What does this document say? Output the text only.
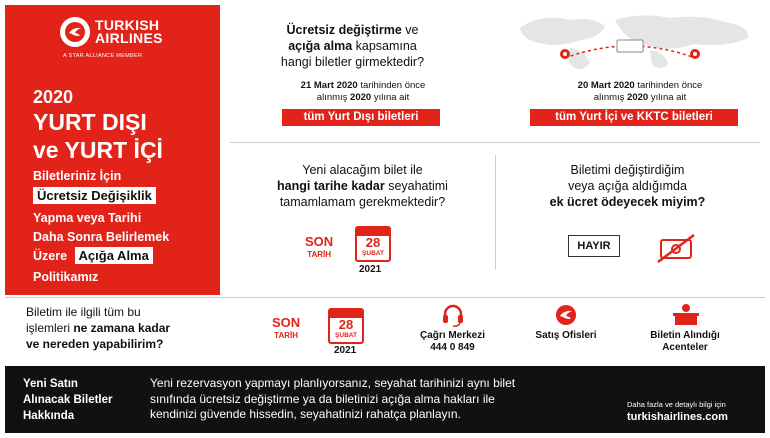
TURKISH
AIRLINES
A STAR ALLIANCE MEMBER
2020
YURT DIŞI
ve YURT İÇİ
Biletleriniz İçin
Ücretsiz Değişiklik
Yapma veya Tarihi
Daha Sonra Belirlemek
Üzere Açığa Alma
Politikamız
Ücretsiz değiştirme ve
açığa alma kapsamına
hangi biletler girmektedir?
21 Mart 2020 tarihinden önce
alınmış 2020 yılına ait
tüm Yurt Dışı biletleri
20 Mart 2020 tarihinden önce
alınmış 2020 yılına ait
tüm Yurt İçi ve KKTC biletleri
Yeni alacağım bilet ile
hangi tarihe kadar seyahatimi
tamamlamam gerekmektedir?
SON
TARİH
28
ŞUBAT
2021
Biletimi değiştirdiğim
veya açığa aldığımda
ek ücret ödeyecek miyim?
HAYIR
Biletim ile ilgili tüm bu
işlemleri ne zamana kadar
ve nereden yapabilirim?
SON
TARİH
28
ŞUBAT
2021
Çağrı Merkezi
444 0 849
Satış Ofisleri	Biletin Alındığı
Acenteler
Yeni Satın
Alınacak Biletler
Hakkında
Yeni rezervasyon yapmayı planlıyorsanız, seyahat tarihinizi aynı bilet
sınıfında ücretsiz değiştirme ya da biletinizi açığa alma hakları ile
kendinizi güvende hissedin, seyahatinizi rahatça planlayın.
Daha fazla ve detaylı bilgi için
turkishairlines.com
